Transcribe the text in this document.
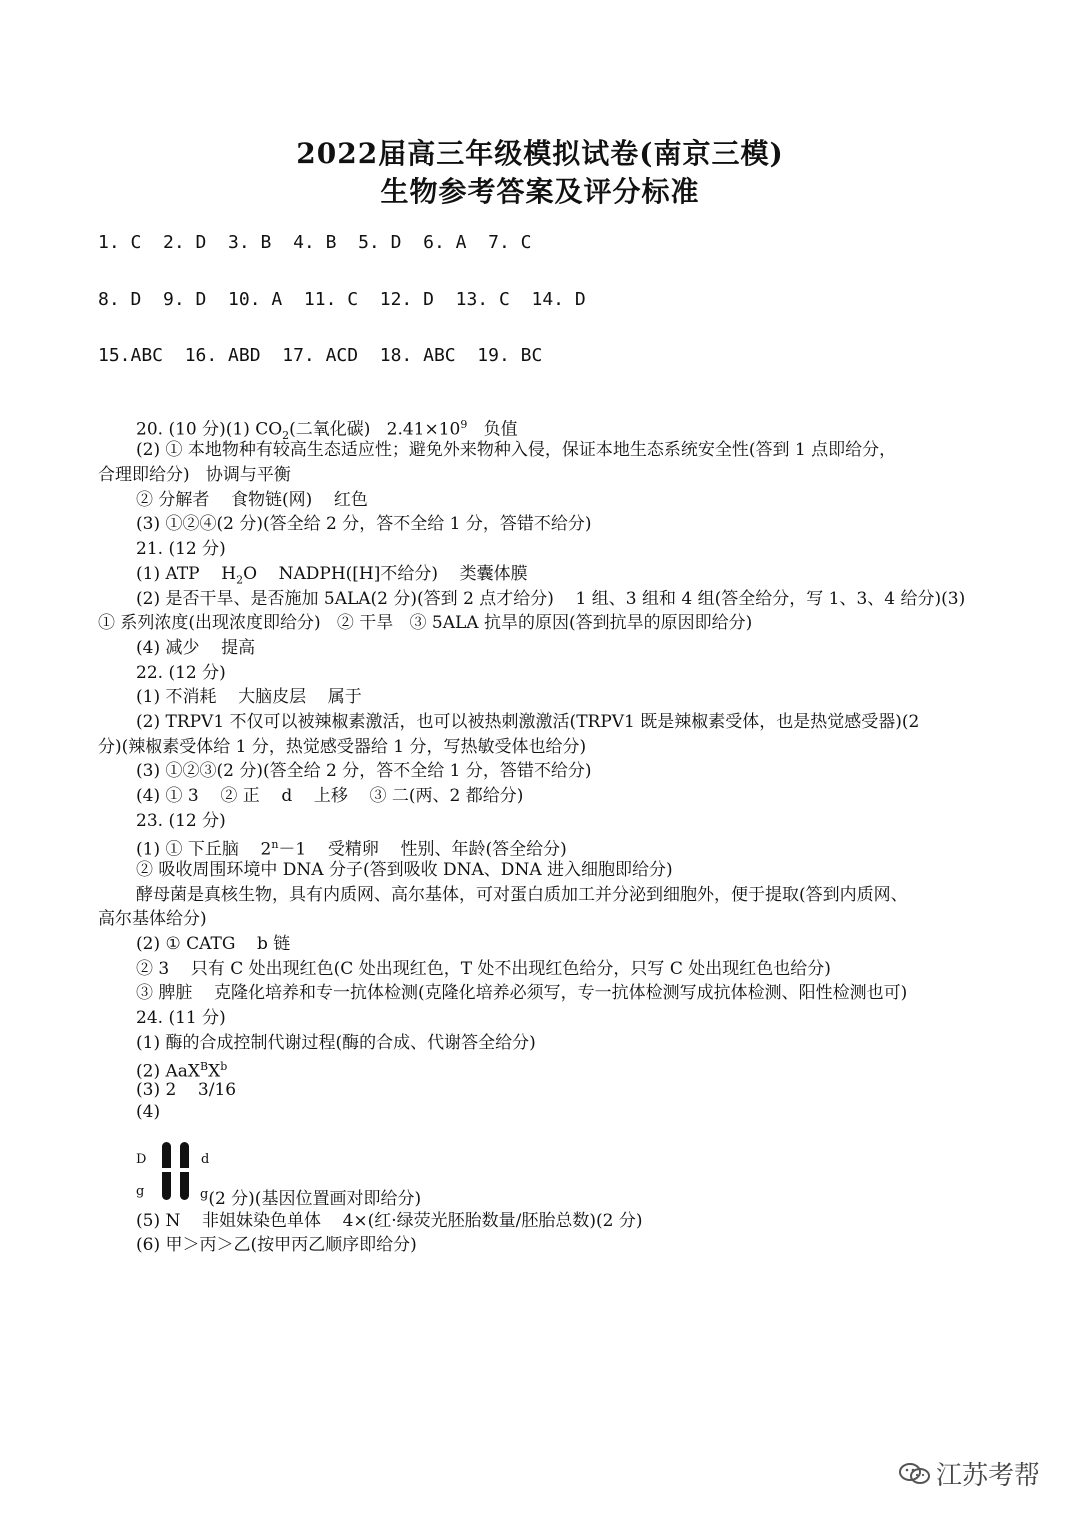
2022届高三年级模拟试卷(南京三模)
生物参考答案及评分标准
1. C  2. D  3. B  4. B  5. D  6. A  7. C
8. D  9. D  10. A  11. C  12. D  13. C  14. D
15.ABC  16. ABD  17. ACD  18. ABC  19. BC
20. (10 分)(1) $CO_2$(二氧化碳)   $2.41\times 10^9$   负值
(2) ① 本地物种有较高生态适应性；避免外来物种入侵，保证本地生态系统安全性(答到 1 点即给分，
合理即给分)   协调与平衡
② 分解者    食物链(网)    红色
(3) ①②④(2 分)(答全给 2 分，答不全给 1 分，答错不给分)
21. (12 分)
(1) ATP    $H_2O$    NADPH([H]不给分)    类囊体膜
(2) 是否干旱、是否施加 5ALA(2 分)(答到 2 点才给分)    1 组、3 组和 4 组(答全给分，写 1、3、4 给分)(3)
① 系列浓度(出现浓度即给分)   ② 干旱   ③ 5ALA 抗旱的原因(答到抗旱的原因即给分)
(4) 减少    提高
22. (12 分)
(1) 不消耗    大脑皮层    属于
(2) TRPV1 不仅可以被辣椒素激活，也可以被热刺激激活(TRPV1 既是辣椒素受体，也是热觉感受器)(2
分)(辣椒素受体给 1 分，热觉感受器给 1 分，写热敏受体也给分)
(3) ①②③(2 分)(答全给 2 分，答不全给 1 分，答错不给分)
(4) ① 3    ② 正    d    上移    ③ 二(两、2 都给分)
23. (12 分)
(1) ① 下丘脑    $2^n-1$    受精卵    性别、年龄(答全给分)
② 吸收周围环境中 DNA 分子(答到吸收 DNA、DNA 进入细胞即给分)
酵母菌是真核生物，具有内质网、高尔基体，可对蛋白质加工并分泌到细胞外，便于提取(答到内质网、
高尔基体给分)
(2) ① CATG    b 链
② 3    只有 C 处出现红色(C 处出现红色，T 处不出现红色给分，只写 C 处出现红色也给分)
③ 脾脏    克隆化培养和专一抗体检测(克隆化培养必须写，专一抗体检测写成抗体检测、阳性检测也可)
24. (11 分)
(1) 酶的合成控制代谢过程(酶的合成、代谢答全给分)
(2) $AaX^BX^b$
(3) 2    3/16
(4)
D
g
d
$^g$(2 分)(基因位置画对即给分)
(5) N    非姐妹染色单体    4×(红·绿荧光胚胎数量/胚胎总数)(2 分)
(6) 甲＞丙＞乙(按甲丙乙顺序即给分)
江苏考帮
